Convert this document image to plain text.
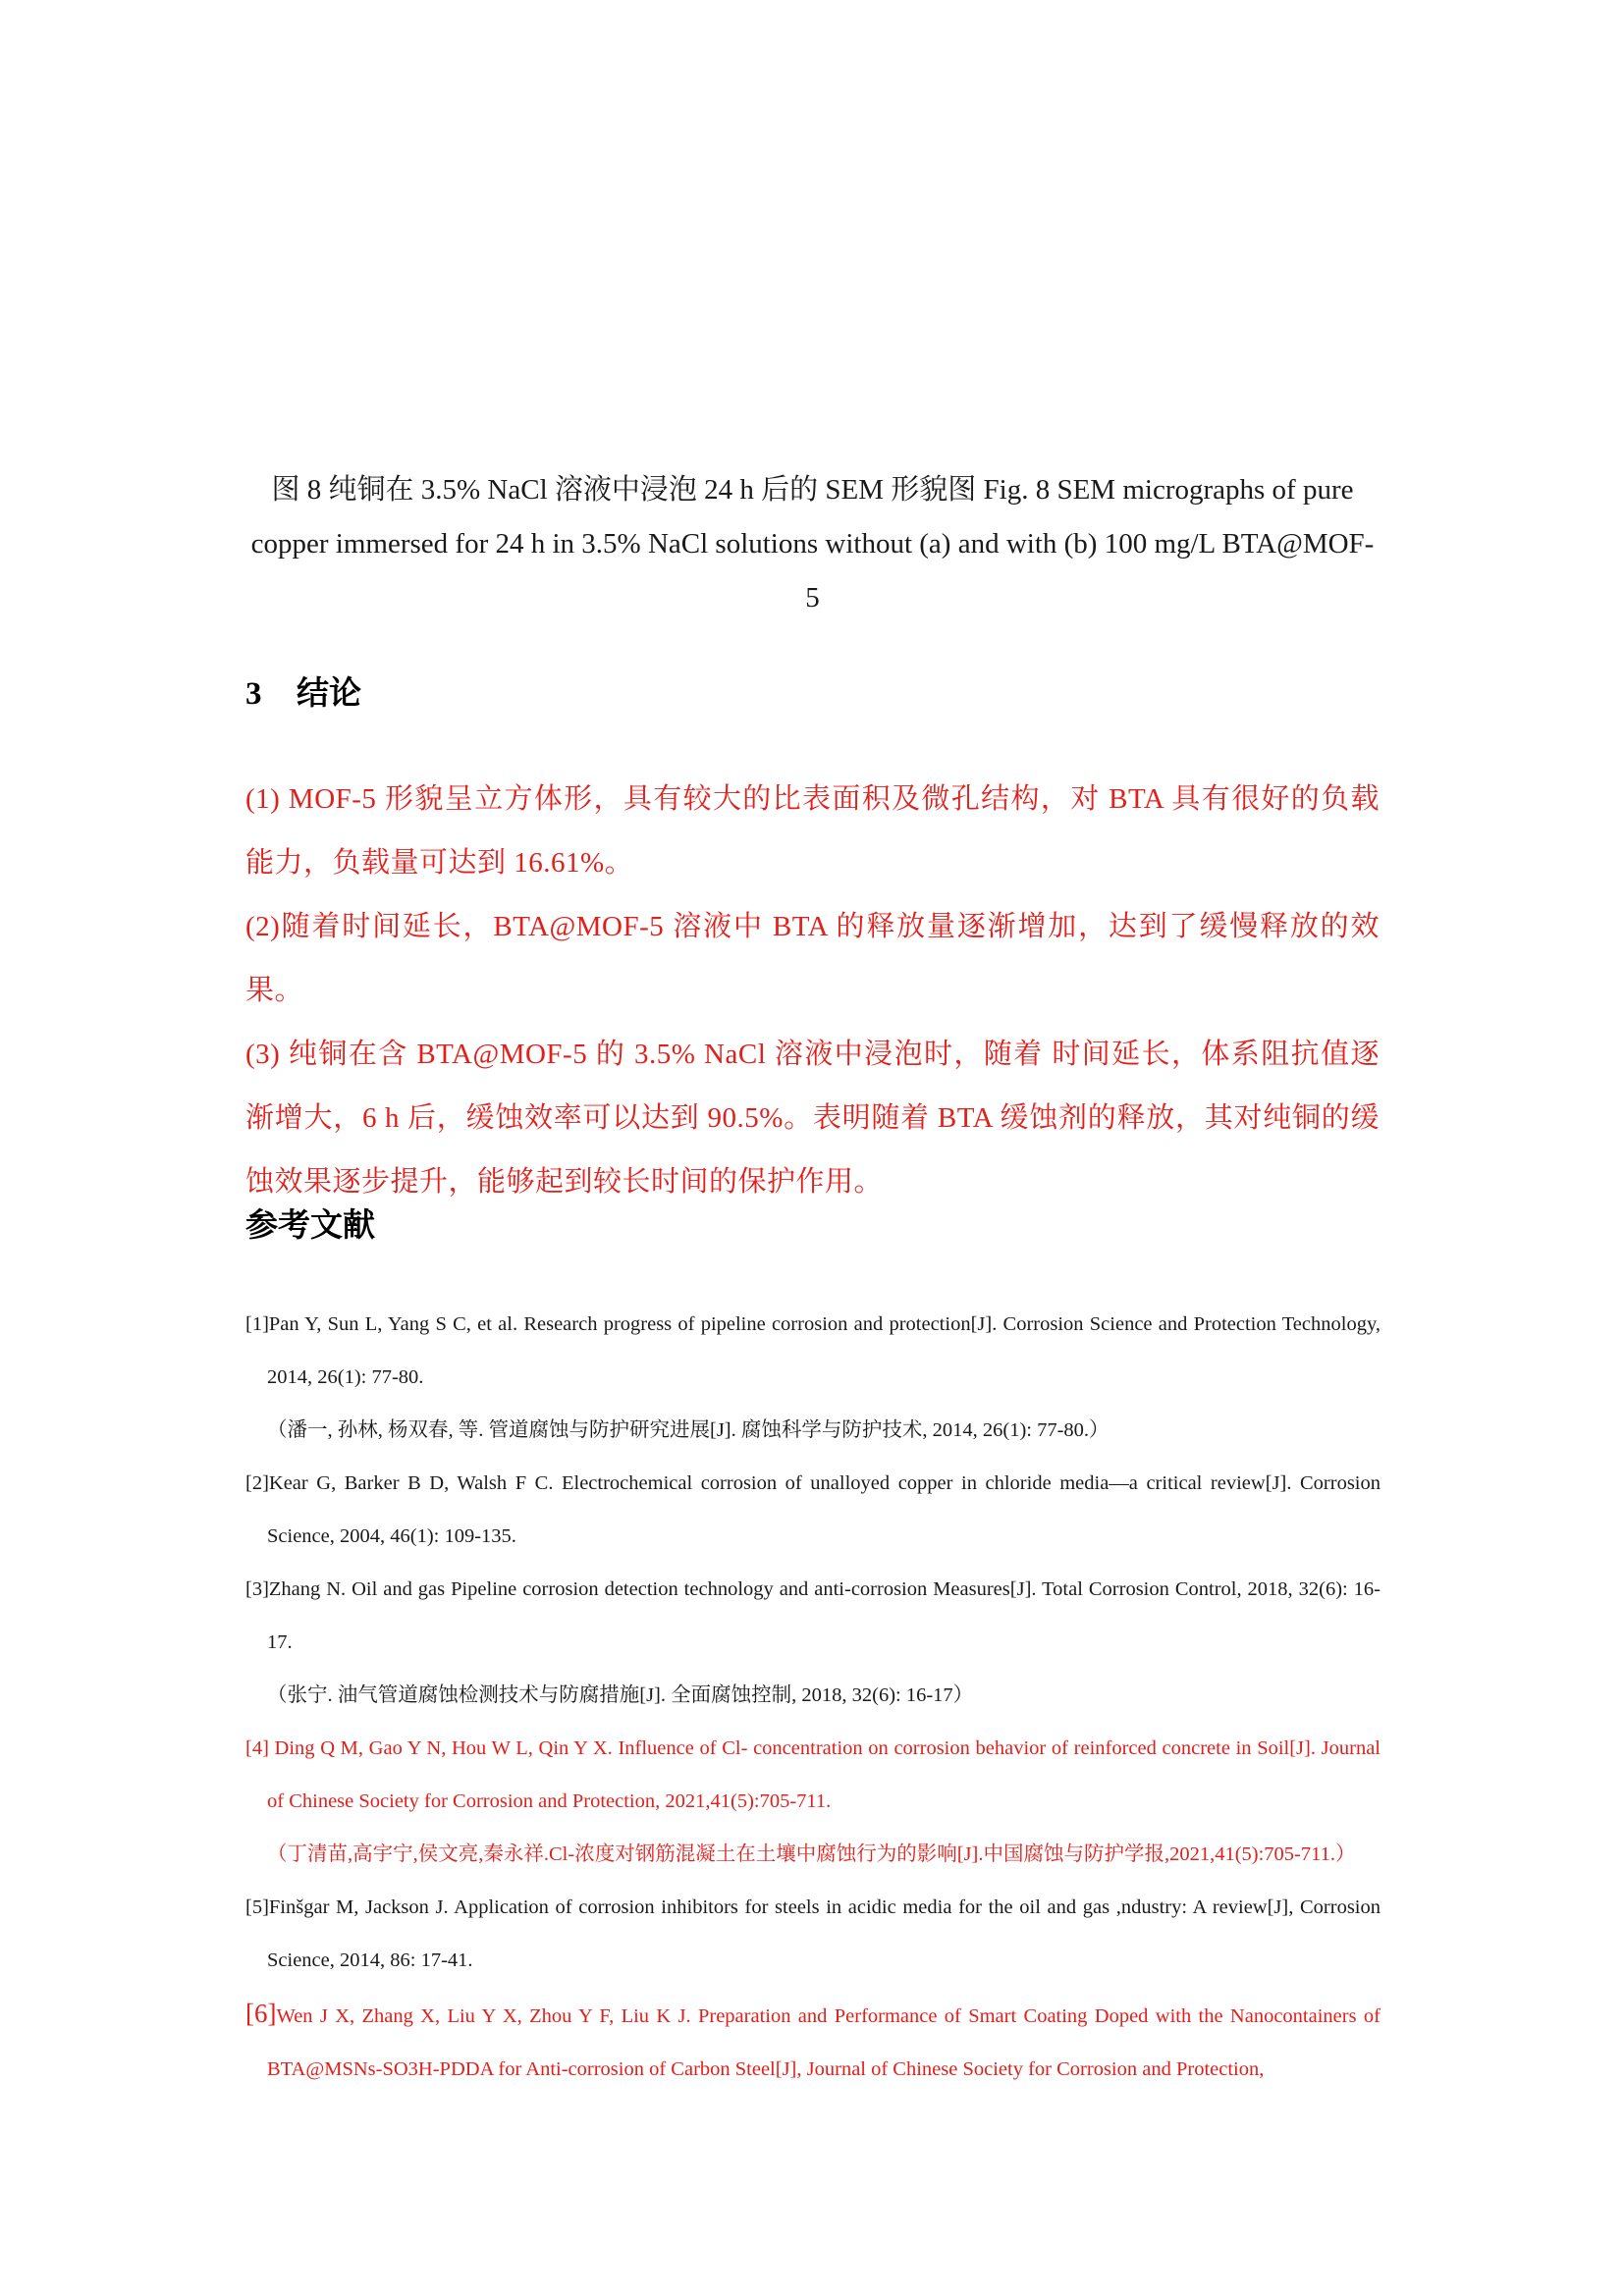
图 8 纯铜在 3.5% NaCl 溶液中浸泡 24 h 后的 SEM 形貌图 Fig. 8 SEM micrographs of pure copper immersed for 24 h in 3.5% NaCl solutions without (a) and with (b) 100 mg/L BTA@MOF-5
3 结论

(1) MOF-5 形貌呈立方体形，具有较大的比表面积及微孔结构，对 BTA 具有很好的负载能力，负载量可达到 16.61%。

(2)随着时间延长，BTA@MOF-5 溶液中 BTA 的释放量逐渐增加，达到了缓慢释放的效果。

(3) 纯铜在含 BTA@MOF-5 的 3.5% NaCl 溶液中浸泡时，随着 时间延长，体系阻抗值逐渐增大，6 h 后，缓蚀效率可以达到 90.5%。表明随着 BTA 缓蚀剂的释放，其对纯铜的缓蚀效果逐步提升，能够起到较长时间的保护作用。

参考文献

[1]Pan Y, Sun L, Yang S C, et al. Research progress of pipeline corrosion and protection[J]. Corrosion Science and Protection Technology, 2014, 26(1): 77-80.

（潘一, 孙林, 杨双春, 等. 管道腐蚀与防护研究进展[J]. 腐蚀科学与防护技术, 2014, 26(1): 77-80.）

[2]Kear G, Barker B D, Walsh F C. Electrochemical corrosion of unalloyed copper in chloride media—a critical review[J]. Corrosion Science, 2004, 46(1): 109-135.

[3]Zhang N. Oil and gas Pipeline corrosion detection technology and anti-corrosion Measures[J]. Total Corrosion Control, 2018, 32(6): 16-17.

（张宁. 油气管道腐蚀检测技术与防腐措施[J]. 全面腐蚀控制, 2018, 32(6): 16-17）

[4] Ding Q M, Gao Y N, Hou W L, Qin Y X. Influence of Cl- concentration on corrosion behavior of reinforced concrete in Soil[J]. Journal of Chinese Society for Corrosion and Protection, 2021,41(5):705-711.

（丁清苗,高宇宁,侯文亮,秦永祥.Cl-浓度对钢筋混凝土在土壤中腐蚀行为的影响[J].中国腐蚀与防护学报,2021,41(5):705-711.）

[5]Finšgar M, Jackson J. Application of corrosion inhibitors for steels in acidic media for the oil and gas ,ndustry: A review[J], Corrosion Science, 2014, 86: 17-41.

[6]Wen J X, Zhang X, Liu Y X, Zhou Y F, Liu K J. Preparation and Performance of Smart Coating Doped with the Nanocontainers of BTA@MSNs-SO3H-PDDA for Anti-corrosion of Carbon Steel[J], Journal of Chinese Society for Corrosion and Protection,
